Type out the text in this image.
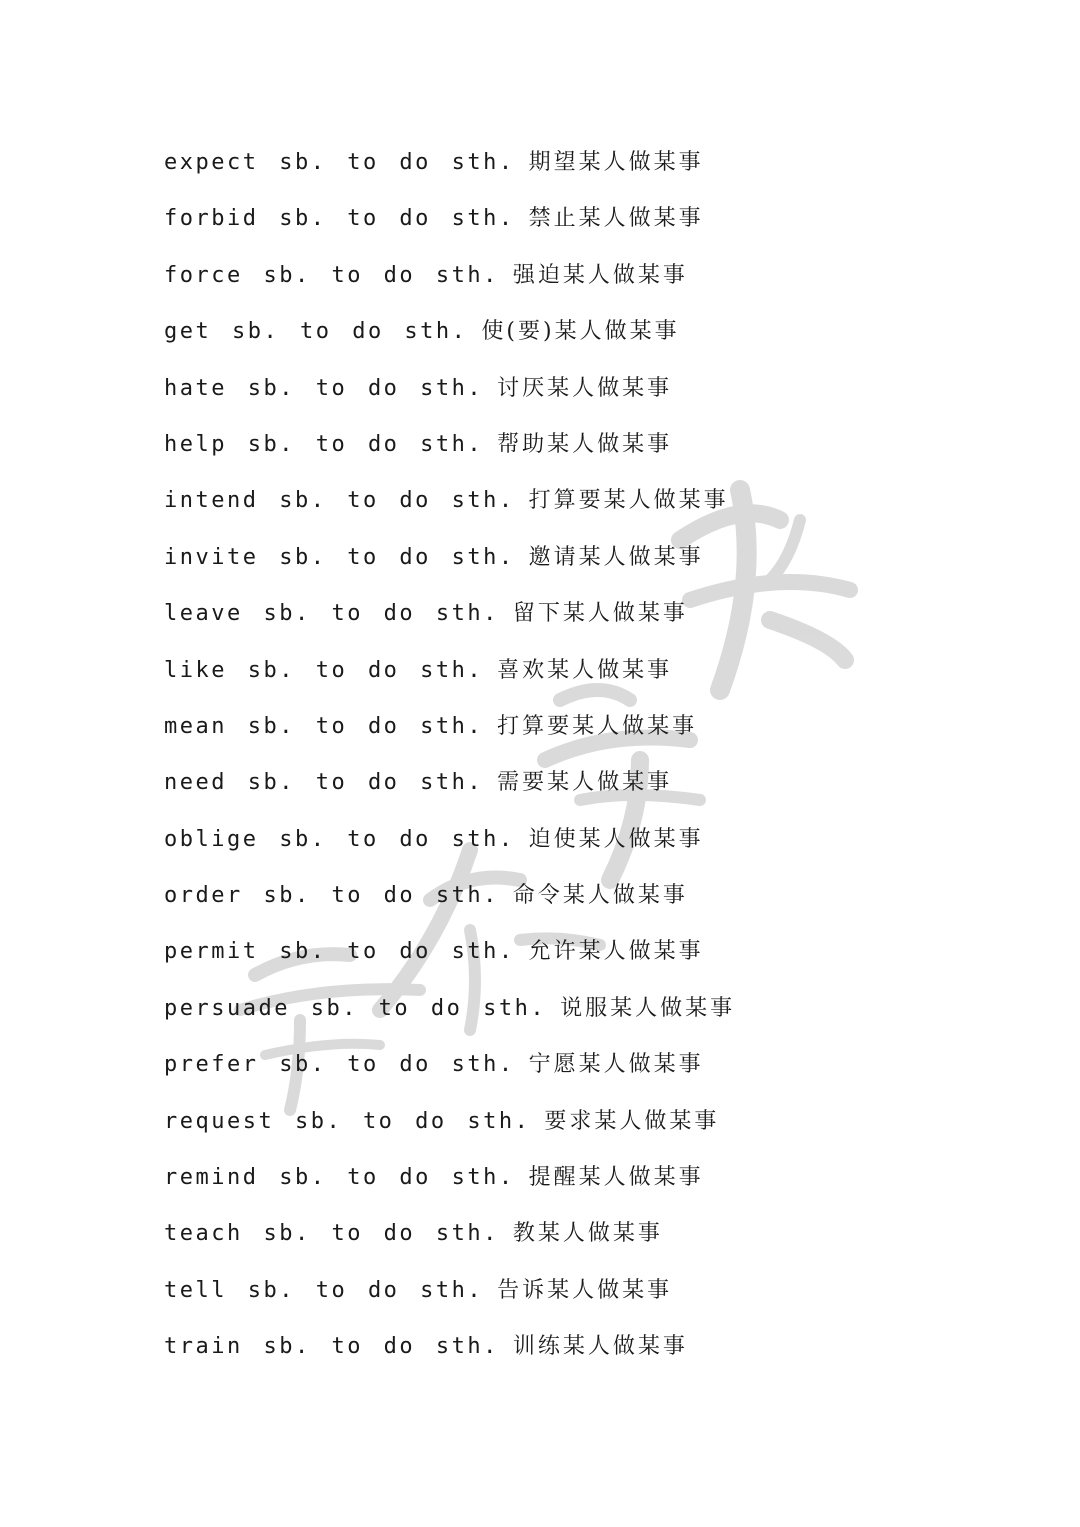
expect sb. to do sth. 期望某人做某事
forbid sb. to do sth. 禁止某人做某事
force sb. to do sth. 强迫某人做某事
get sb. to do sth. 使(要)某人做某事
hate sb. to do sth. 讨厌某人做某事
help sb. to do sth. 帮助某人做某事
intend sb. to do sth. 打算要某人做某事
invite sb. to do sth. 邀请某人做某事
leave sb. to do sth. 留下某人做某事
like sb. to do sth. 喜欢某人做某事
mean sb. to do sth. 打算要某人做某事
need sb. to do sth. 需要某人做某事
oblige sb. to do sth. 迫使某人做某事
order sb. to do sth. 命令某人做某事
permit sb. to do sth. 允许某人做某事
persuade sb. to do sth. 说服某人做某事
prefer sb. to do sth. 宁愿某人做某事
request sb. to do sth. 要求某人做某事
remind sb. to do sth. 提醒某人做某事
teach sb. to do sth. 教某人做某事
tell sb. to do sth. 告诉某人做某事
train sb. to do sth. 训练某人做某事
